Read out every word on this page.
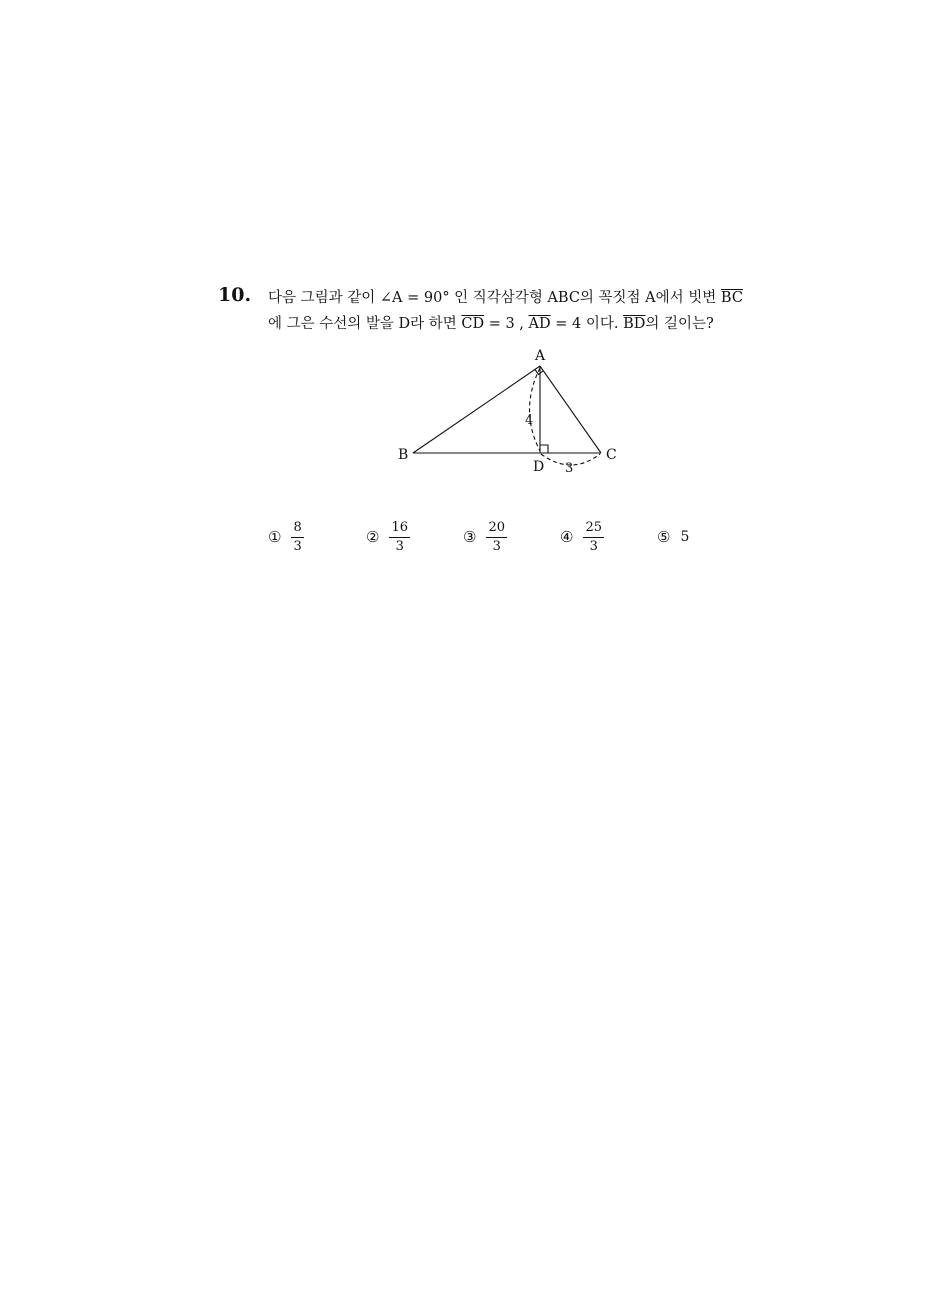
10. 다음 그림과 같이 ∠A = 90° 인 직각삼각형 ABC의 꼭짓점 A에서 빗변 $\overline{BC}$
에 그은 수선의 발을 D라 하면 $\overline{CD} = 3$ , $\overline{AD} = 4$ 이다. $\overline{BD}$의 길이는?
A
B	C
D
4
3
① $\frac{8}{3}$	② $\frac{16}{3}$	③ $\frac{20}{3}$	④ $\frac{25}{3}$	⑤ 5
